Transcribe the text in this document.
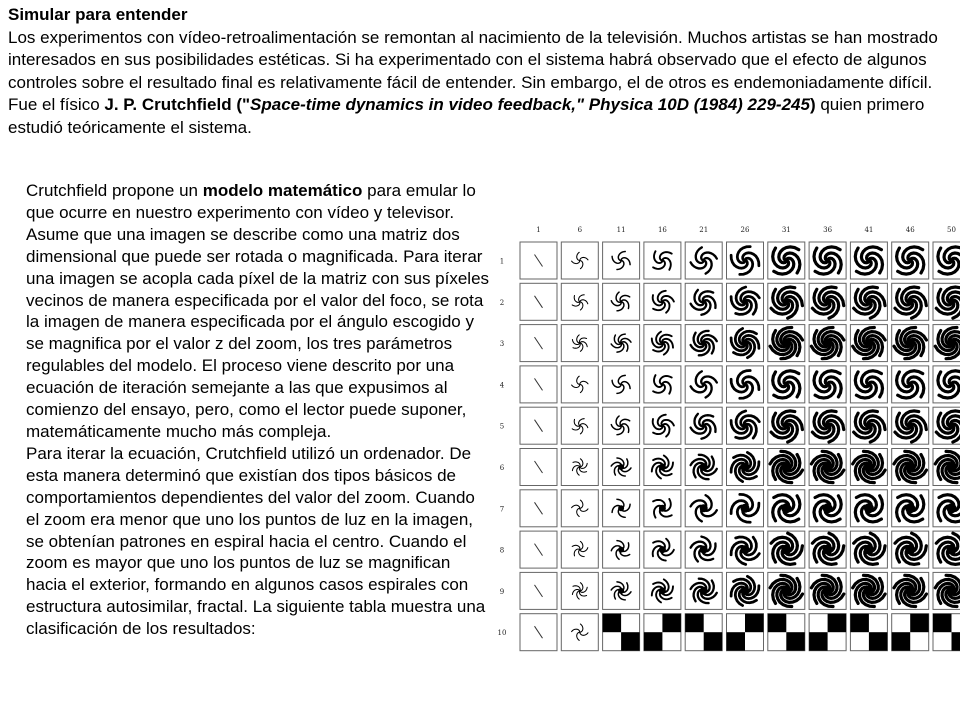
Simular para entender
Los experimentos con vídeo-retroalimentación se remontan al nacimiento de la televisión. Muchos artistas se han mostrado interesados en sus posibilidades estéticas. Si ha experimentado con el sistema habrá observado que el efecto de algunos controles sobre el resultado final es relativamente fácil de entender. Sin embargo, el de otros es endemoniadamente difícil. Fue el físico J. P. Crutchfield ("Space-time dynamics in video feedback," Physica 10D (1984) 229-245) quien primero estudió teóricamente el sistema.
Crutchfield propone un modelo matemático para emular lo que ocurre en nuestro experimento con vídeo y televisor. Asume que una imagen se describe como una matriz dos dimensional que puede ser rotada o magnificada. Para iterar una imagen se acopla cada píxel de la matriz con sus píxeles vecinos de manera especificada por el valor del foco, se rota la imagen de manera especificada por el ángulo escogido y se magnifica por el valor z del zoom, los tres parámetros regulables del modelo. El proceso viene descrito por una ecuación de iteración semejante a las que expusimos al comienzo del ensayo, pero, como el lector puede suponer, matemáticamente mucho más compleja.
Para iterar la ecuación, Crutchfield utilizó un ordenador. De esta manera determinó que existían dos tipos básicos de comportamientos dependientes del valor del zoom. Cuando el zoom era menor que uno los puntos de luz en la imagen, se obtenían patrones en espiral hacia el centro. Cuando el zoom es mayor que uno los puntos de luz se magnifican hacia el exterior, formando en algunos casos espirales con estructura autosimilar, fractal. La siguiente tabla muestra una clasificación de los resultados:
1	6	11	16	21	26	31	36	41	46	50
1
2
3
4
5
6
7
8
9
10
